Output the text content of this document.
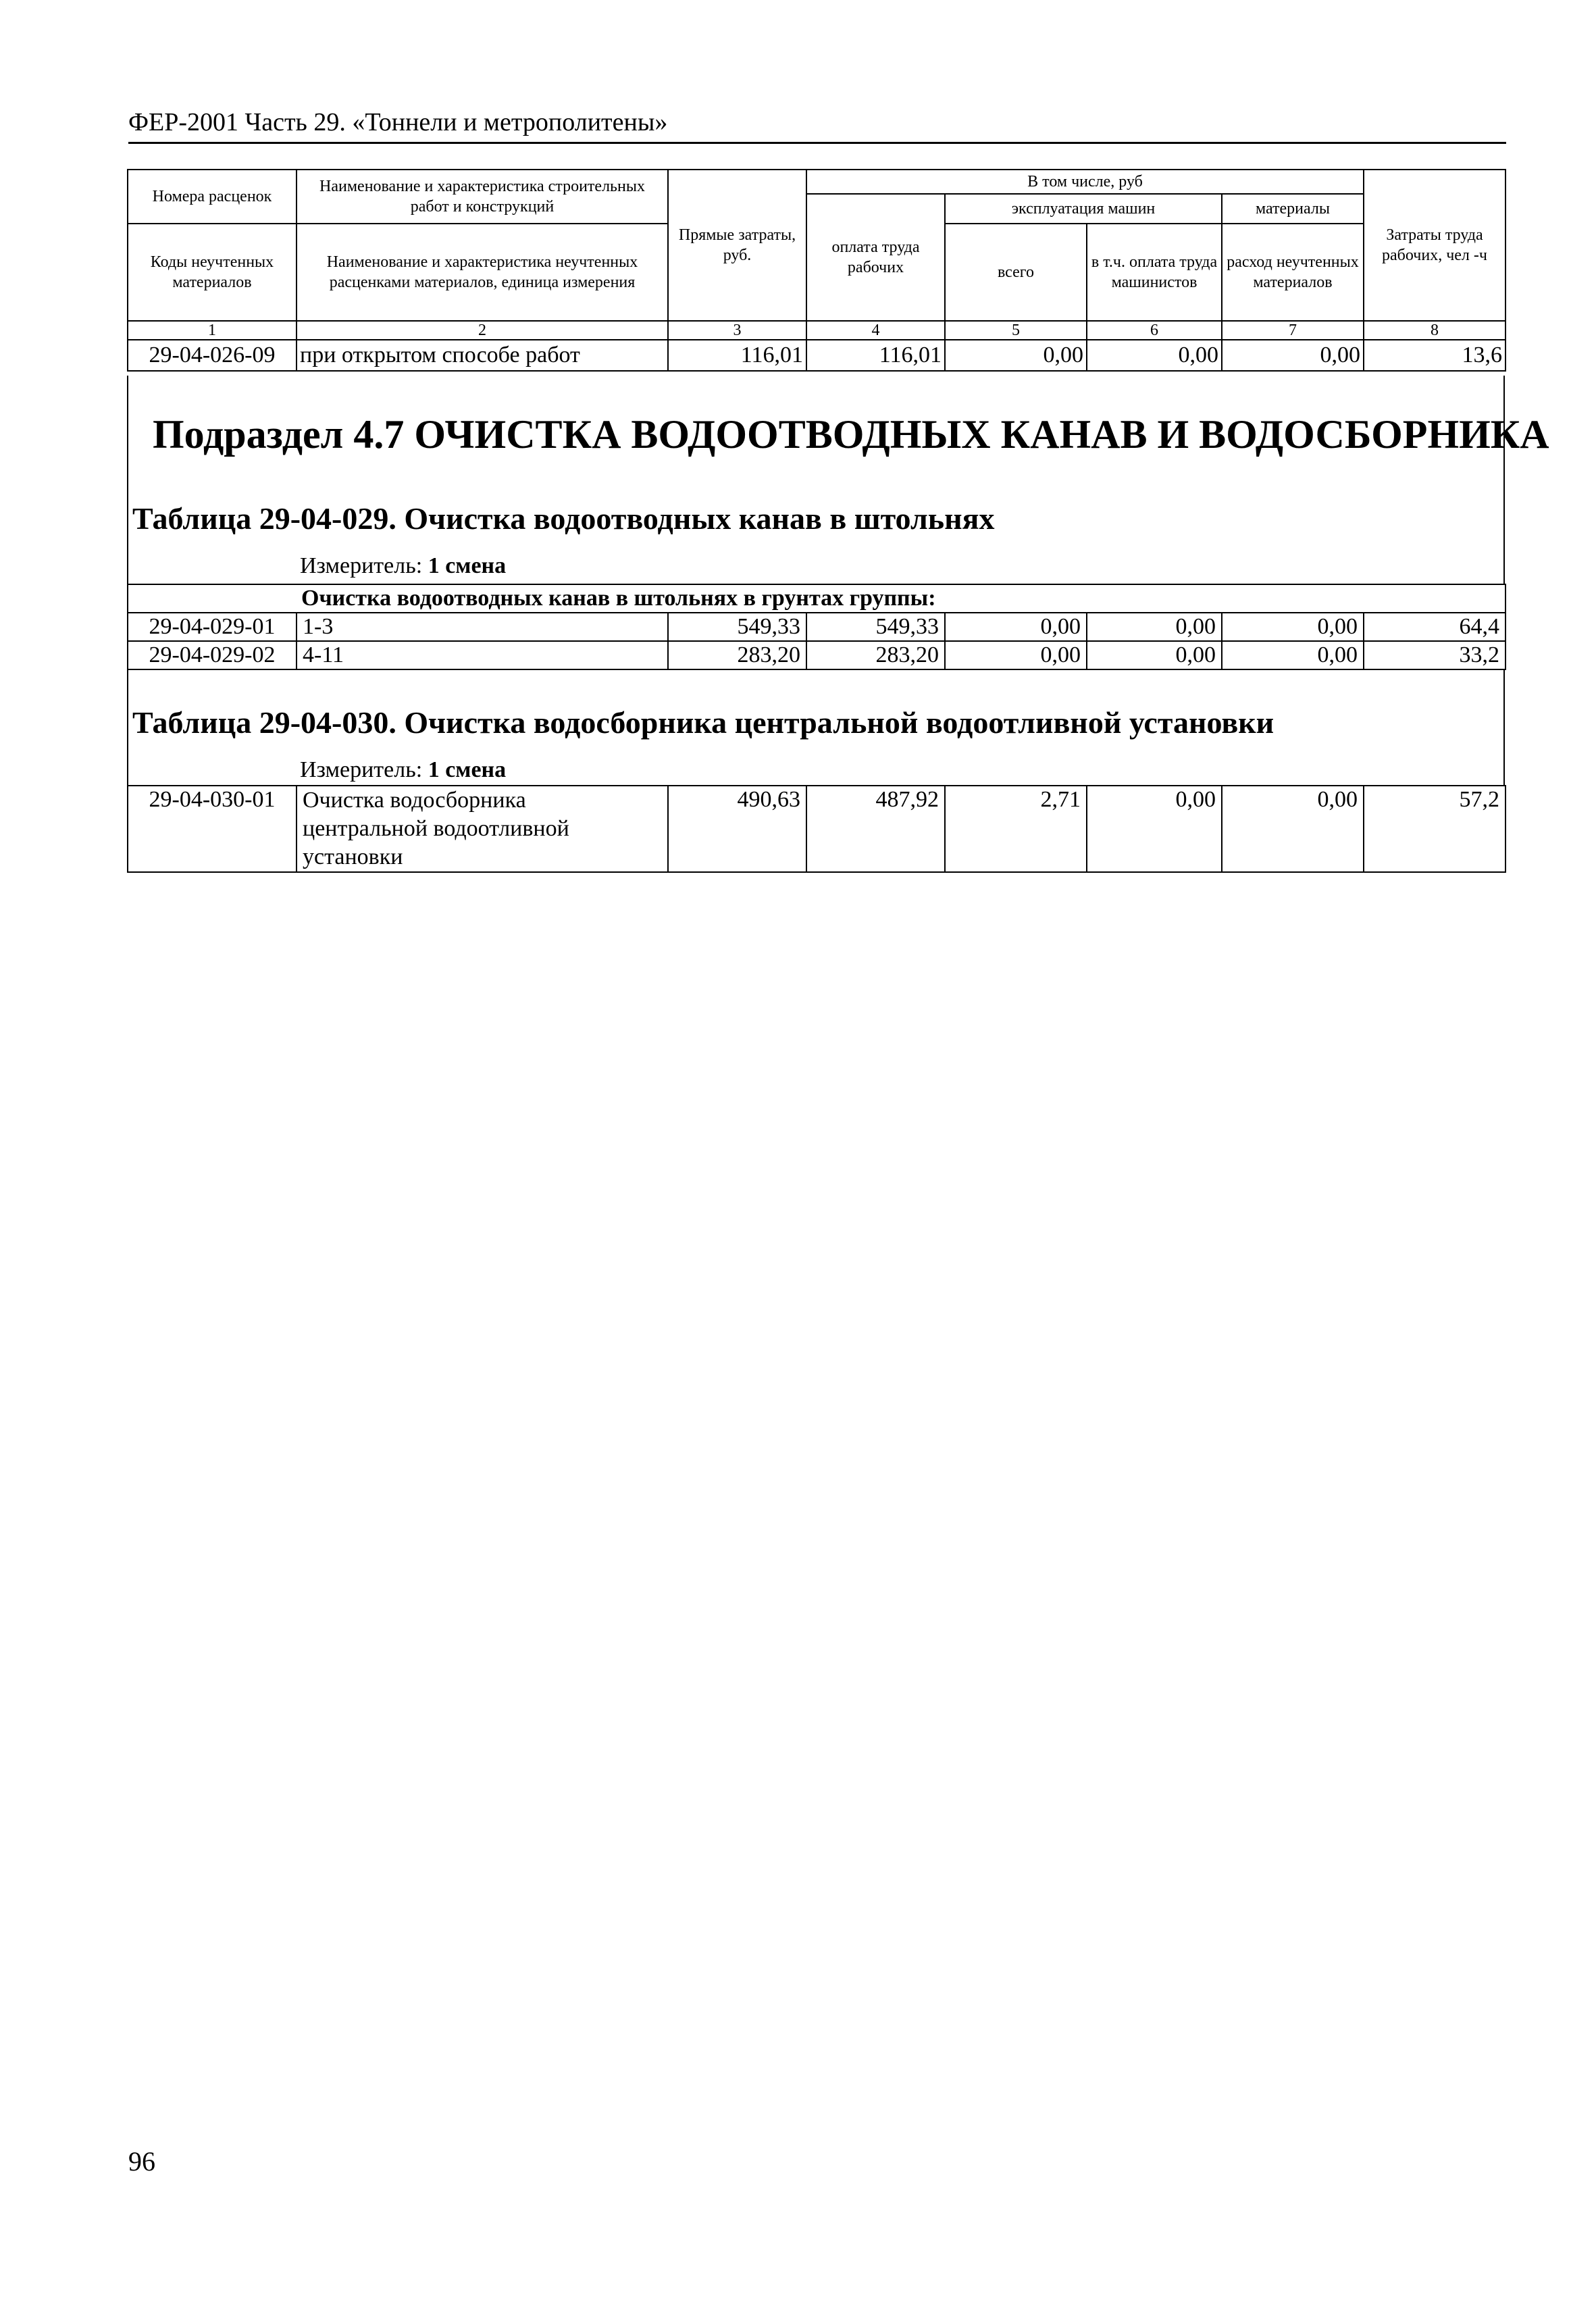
ФЕР-2001 Часть 29. «Тоннели и метрополитены»
Номера расценок	Наименование и характеристика строительных работ и конструкций	Прямые затраты, руб.	В том числе, руб				Затраты труда рабочих, чел -ч
			оплата труда рабочих	эксплуатация машин		материалы	
Коды неучтенных материалов	Наименование и характеристика неучтенных расценками материалов, единица измерения			всего	в т.ч. оплата труда машинистов	расход неучтенных материалов	

1	2	3	4	5	6	7	8
29-04-026-09	при открытом способе работ	116,01	116,01	0,00	0,00	0,00	13,6
Подраздел 4.7 ОЧИСТКА ВОДООТВОДНЫХ КАНАВ И ВОДОСБОРНИКА
Таблица 29-04-029. Очистка водоотводных канав в штольнях
Измеритель: 1 смена
Очистка водоотводных канав в штольнях в грунтах группы:							
29-04-029-01	1-3	549,33	549,33	0,00	0,00	0,00	64,4
29-04-029-02	4-11	283,20	283,20	0,00	0,00	0,00	33,2
Таблица 29-04-030. Очистка водосборника центральной водоотливной установки
Измеритель: 1 смена
29-04-030-01	Очистка водосборника
центральной водоотливной
установки
	490,63	487,92	2,71	0,00	0,00	57,2
96
